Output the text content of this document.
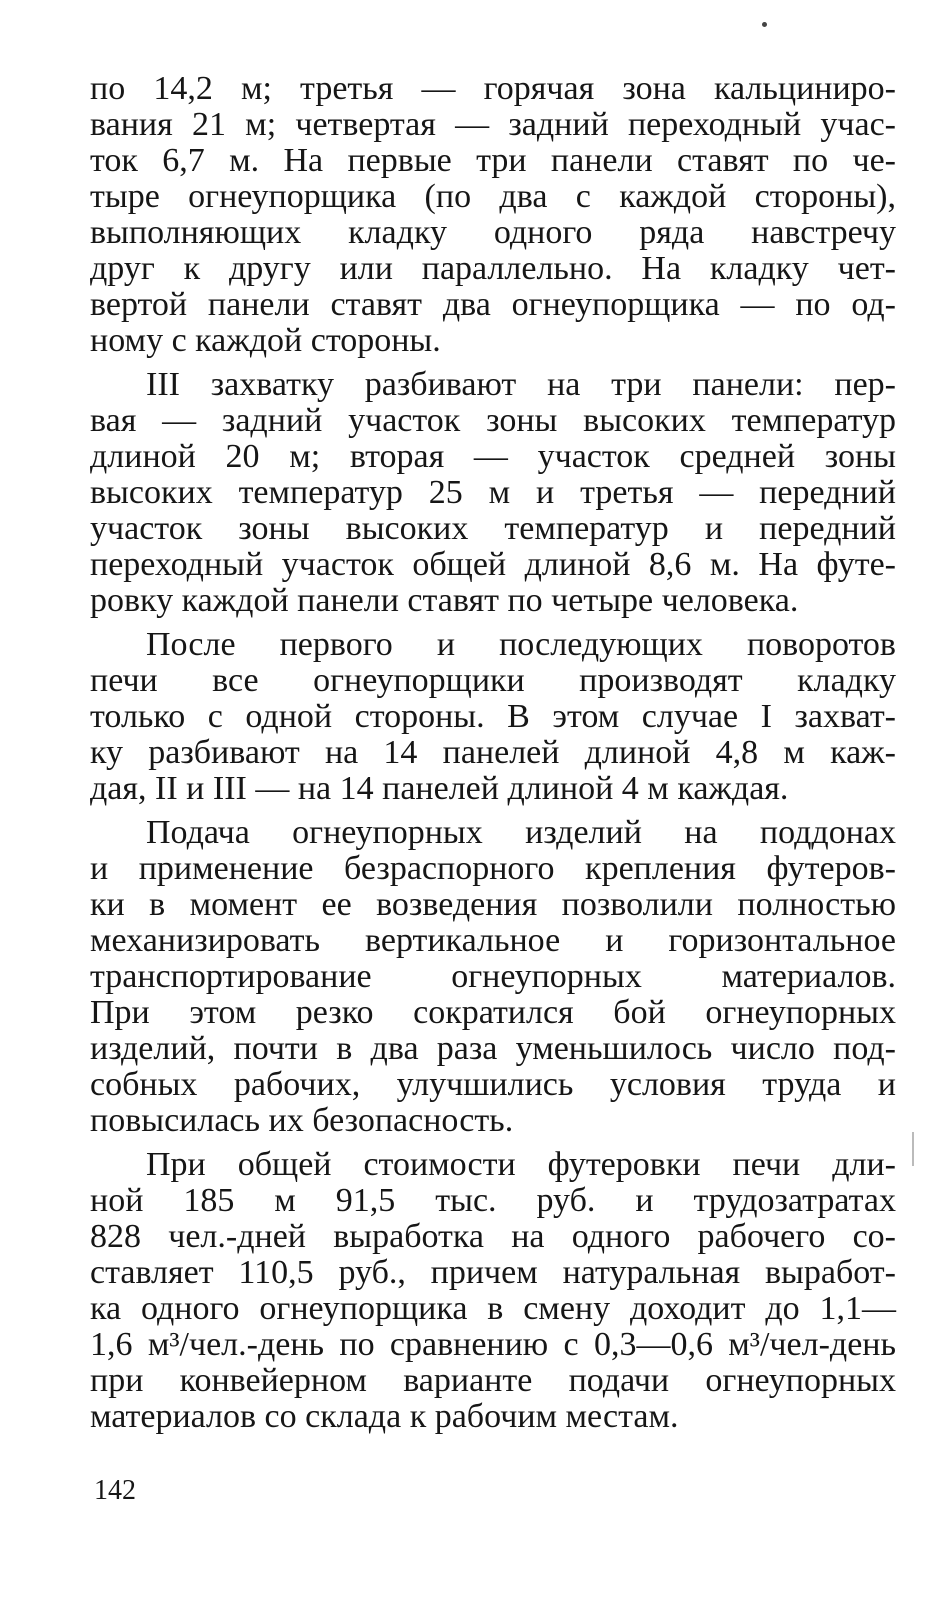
по 14,2 м; третья — горячая зона кальциниро-
вания 21 м; четвертая — задний переходный учас-
ток 6,7 м. На первые три панели ставят по че-
тыре огнеупорщика (по два с каждой стороны),
выполняющих кладку одного ряда навстречу
друг к другу или параллельно. На кладку чет-
вертой панели ставят два огнеупорщика — по од-
ному с каждой стороны.
III захватку разбивают на три панели: пер-
вая — задний участок зоны высоких температур
длиной 20 м; вторая — участок средней зоны
высоких температур 25 м и третья — передний
участок зоны высоких температур и передний
переходный участок общей длиной 8,6 м. На футе-
ровку каждой панели ставят по четыре человека.
После первого и последующих поворотов
печи все огнеупорщики производят кладку
только с одной стороны. В этом случае I захват-
ку разбивают на 14 панелей длиной 4,8 м каж-
дая, II и III — на 14 панелей длиной 4 м каждая.
Подача огнеупорных изделий на поддонах
и применение безраспорного крепления футеров-
ки в момент ее возведения позволили полностью
механизировать вертикальное и горизонтальное
транспортирование огнеупорных материалов.
При этом резко сократился бой огнеупорных
изделий, почти в два раза уменьшилось число под-
собных рабочих, улучшились условия труда и
повысилась их безопасность.
При общей стоимости футеровки печи дли-
ной 185 м 91,5 тыс. руб. и трудозатратах
828 чел.-дней выработка на одного рабочего со-
ставляет 110,5 руб., причем натуральная выработ-
ка одного огнеупорщика в смену доходит до 1,1—
1,6 м³/чел.-день по сравнению с 0,3—0,6 м³/чел-день
при конвейерном варианте подачи огнеупорных
материалов со склада к рабочим местам.
142
